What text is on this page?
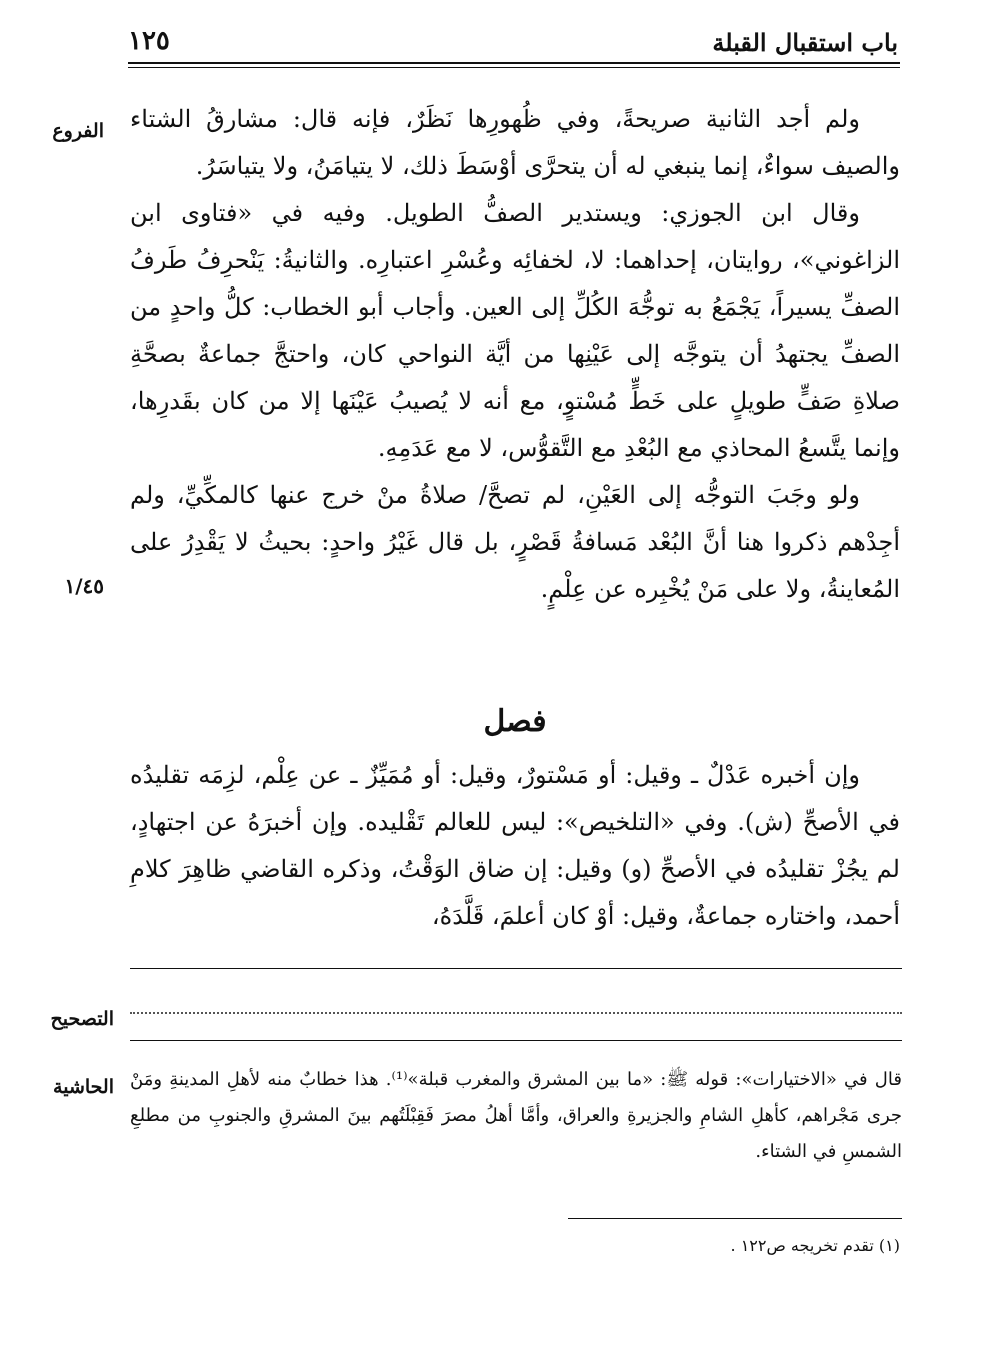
باب استقبال القبلة
١٢٥
الفروع
١/٤٥
التصحيح
الحاشية

ولم أجد الثانية صريحةً، وفي ظُهورِها نَظَرٌ، فإنه قال: مشارقُ الشتاء والصيف سواءٌ، إنما ينبغي له أن يتحرَّى أوْسَطَ ذلك، لا يتيامَنُ، ولا يتياسَرُ.

وقال ابن الجوزي: ويستدير الصفُّ الطويل. وفيه في «فتاوى ابن الزاغوني»، روايتان، إحداهما: لا، لخفائِه وعُسْرِ اعتبارِه. والثانيةُ: يَنْحرِفُ طَرفُ الصفِّ يسيراً، يَجْمَعُ به توجُّهَ الكُلِّ إلى العين. وأجاب أبو الخطاب: كلُّ واحدٍ من الصفِّ يجتهدُ أن يتوجَّه إلى عَيْنِها من أيَّة النواحي كان، واحتجَّ جماعةٌ بصحَّةِ صلاةِ صَفٍّ طويلٍ على خَطٍّ مُسْتوٍ، مع أنه لا يُصيبُ عَيْنَها إلا من كان بقَدرِها، وإنما يتَّسعُ المحاذي مع البُعْدِ مع التَّقوُّس، لا مع عَدَمِهِ.

ولو وجَبَ التوجُّه إلى العَيْنِ، لم تصحَّ/ صلاةُ منْ خرج عنها كالمكِّيِّ، ولم أجِدْهم ذكروا هنا أنَّ البُعْد مَسافةُ قَصْرٍ، بل قال غَيْرُ واحدٍ: بحيثُ لا يَقْدِرُ على المُعاينةُ، ولا على مَنْ يُخْبِره عن عِلْمٍ.

فصل

وإن أخبره عَدْلٌ ـ وقيل: أو مَسْتورٌ، وقيل: أو مُمَيِّزٌ ـ عن عِلْم، لزِمَه تقليدُه في الأصحِّ (ش). وفي «التلخيص»: ليس للعالم تَقْليده. وإن أخبرَهُ عن اجتهادٍ، لم يجُزْ تقليدُه في الأصحِّ (و) وقيل: إن ضاق الوَقْتُ، وذكره القاضي ظاهِرَ كلامِ أحمد، واختاره جماعةٌ، وقيل: أوْ كان أعلمَ، قَلَّدَهُ،

قال في «الاختيارات»: قوله ﷺ: «ما بين المشرق والمغرب قبلة»⁽¹⁾. هذا خطابٌ منه لأهلِ المدينةِ ومَنْ جرى مَجْراهم، كأهلِ الشامِ والجزيرةِ والعراق، وأمَّا أهلُ مصرَ فَقِبْلَتُهم بينَ المشرقِ والجنوبِ من مطلعِ الشمسِ في الشتاء.

(١) تقدم تخريجه ص١٢٢ .
